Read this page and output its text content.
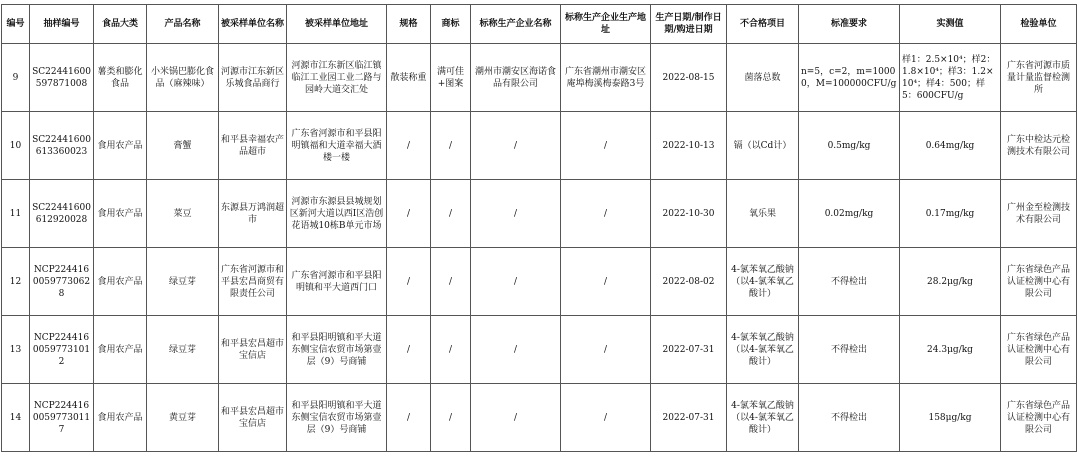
编号	抽样编号	食品大类	产品名称	被采样单位名称	被采样单位地址	规格	商标	标称生产企业名称	标称生产企业生产地址	生产日期/制作日期/购进日期	不合格项目	标准要求	实测值	检验单位
9	SC22441600597871008	薯类和膨化食品	小米锅巴膨化食品（麻辣味）	河源市江东新区乐城食品商行	河源市江东新区临江镇临江工业园工业二路与园岭大道交汇处	散装称重	满可佳+图案	潮州市潮安区海诺食品有限公司	广东省潮州市潮安区庵埠梅溪梅泰路3号	2022-08-15	菌落总数	n=5，c=2，m=10000，M=100000CFU/g	样1：2.5×10⁴；样2：1.8×10⁴；样3：1.2×10⁴；样4：500；样5：600CFU/g	广东省河源市质量计量监督检测所
10	SC22441600613360023	食用农产品	膏蟹	和平县幸福农产品超市	广东省河源市和平县阳明镇福和大道幸福大酒楼一楼	/	/	/	/	2022-10-13	镉（以Cd计）	0.5mg/kg	0.64mg/kg	广东中检达元检测技术有限公司
11	SC22441600612920028	食用农产品	菜豆	东源县万鸿润超市	河源市东源县县城规划区新河大道以西Ⅰ区浩创花语城10栋B单元市场	/	/	/	/	2022-10-30	氧乐果	0.02mg/kg	0.17mg/kg	广州金至检测技术有限公司
12	NCP22441600597730628	食用农产品	绿豆芽	广东省河源市和平县宏昌商贸有限责任公司	广东省河源市和平县阳明镇和平大道西门口	/	/	/	/	2022-08-02	4-氯苯氧乙酸钠（以4-氯苯氧乙酸计）	不得检出	28.2μg/kg	广东省绿色产品认证检测中心有限公司
13	NCP22441600597731012	食用农产品	绿豆芽	和平县宏昌超市宝信店	和平县阳明镇和平大道东侧宝信农贸市场第壹层（9）号商铺	/	/	/	/	2022-07-31	4-氯苯氧乙酸钠（以4-氯苯氧乙酸计）	不得检出	24.3μg/kg	广东省绿色产品认证检测中心有限公司
14	NCP22441600597730117	食用农产品	黄豆芽	和平县宏昌超市宝信店	和平县阳明镇和平大道东侧宝信农贸市场第壹层（9）号商铺	/	/	/	/	2022-07-31	4-氯苯氧乙酸钠（以4-氯苯氧乙酸计）	不得检出	158μg/kg	广东省绿色产品认证检测中心有限公司
